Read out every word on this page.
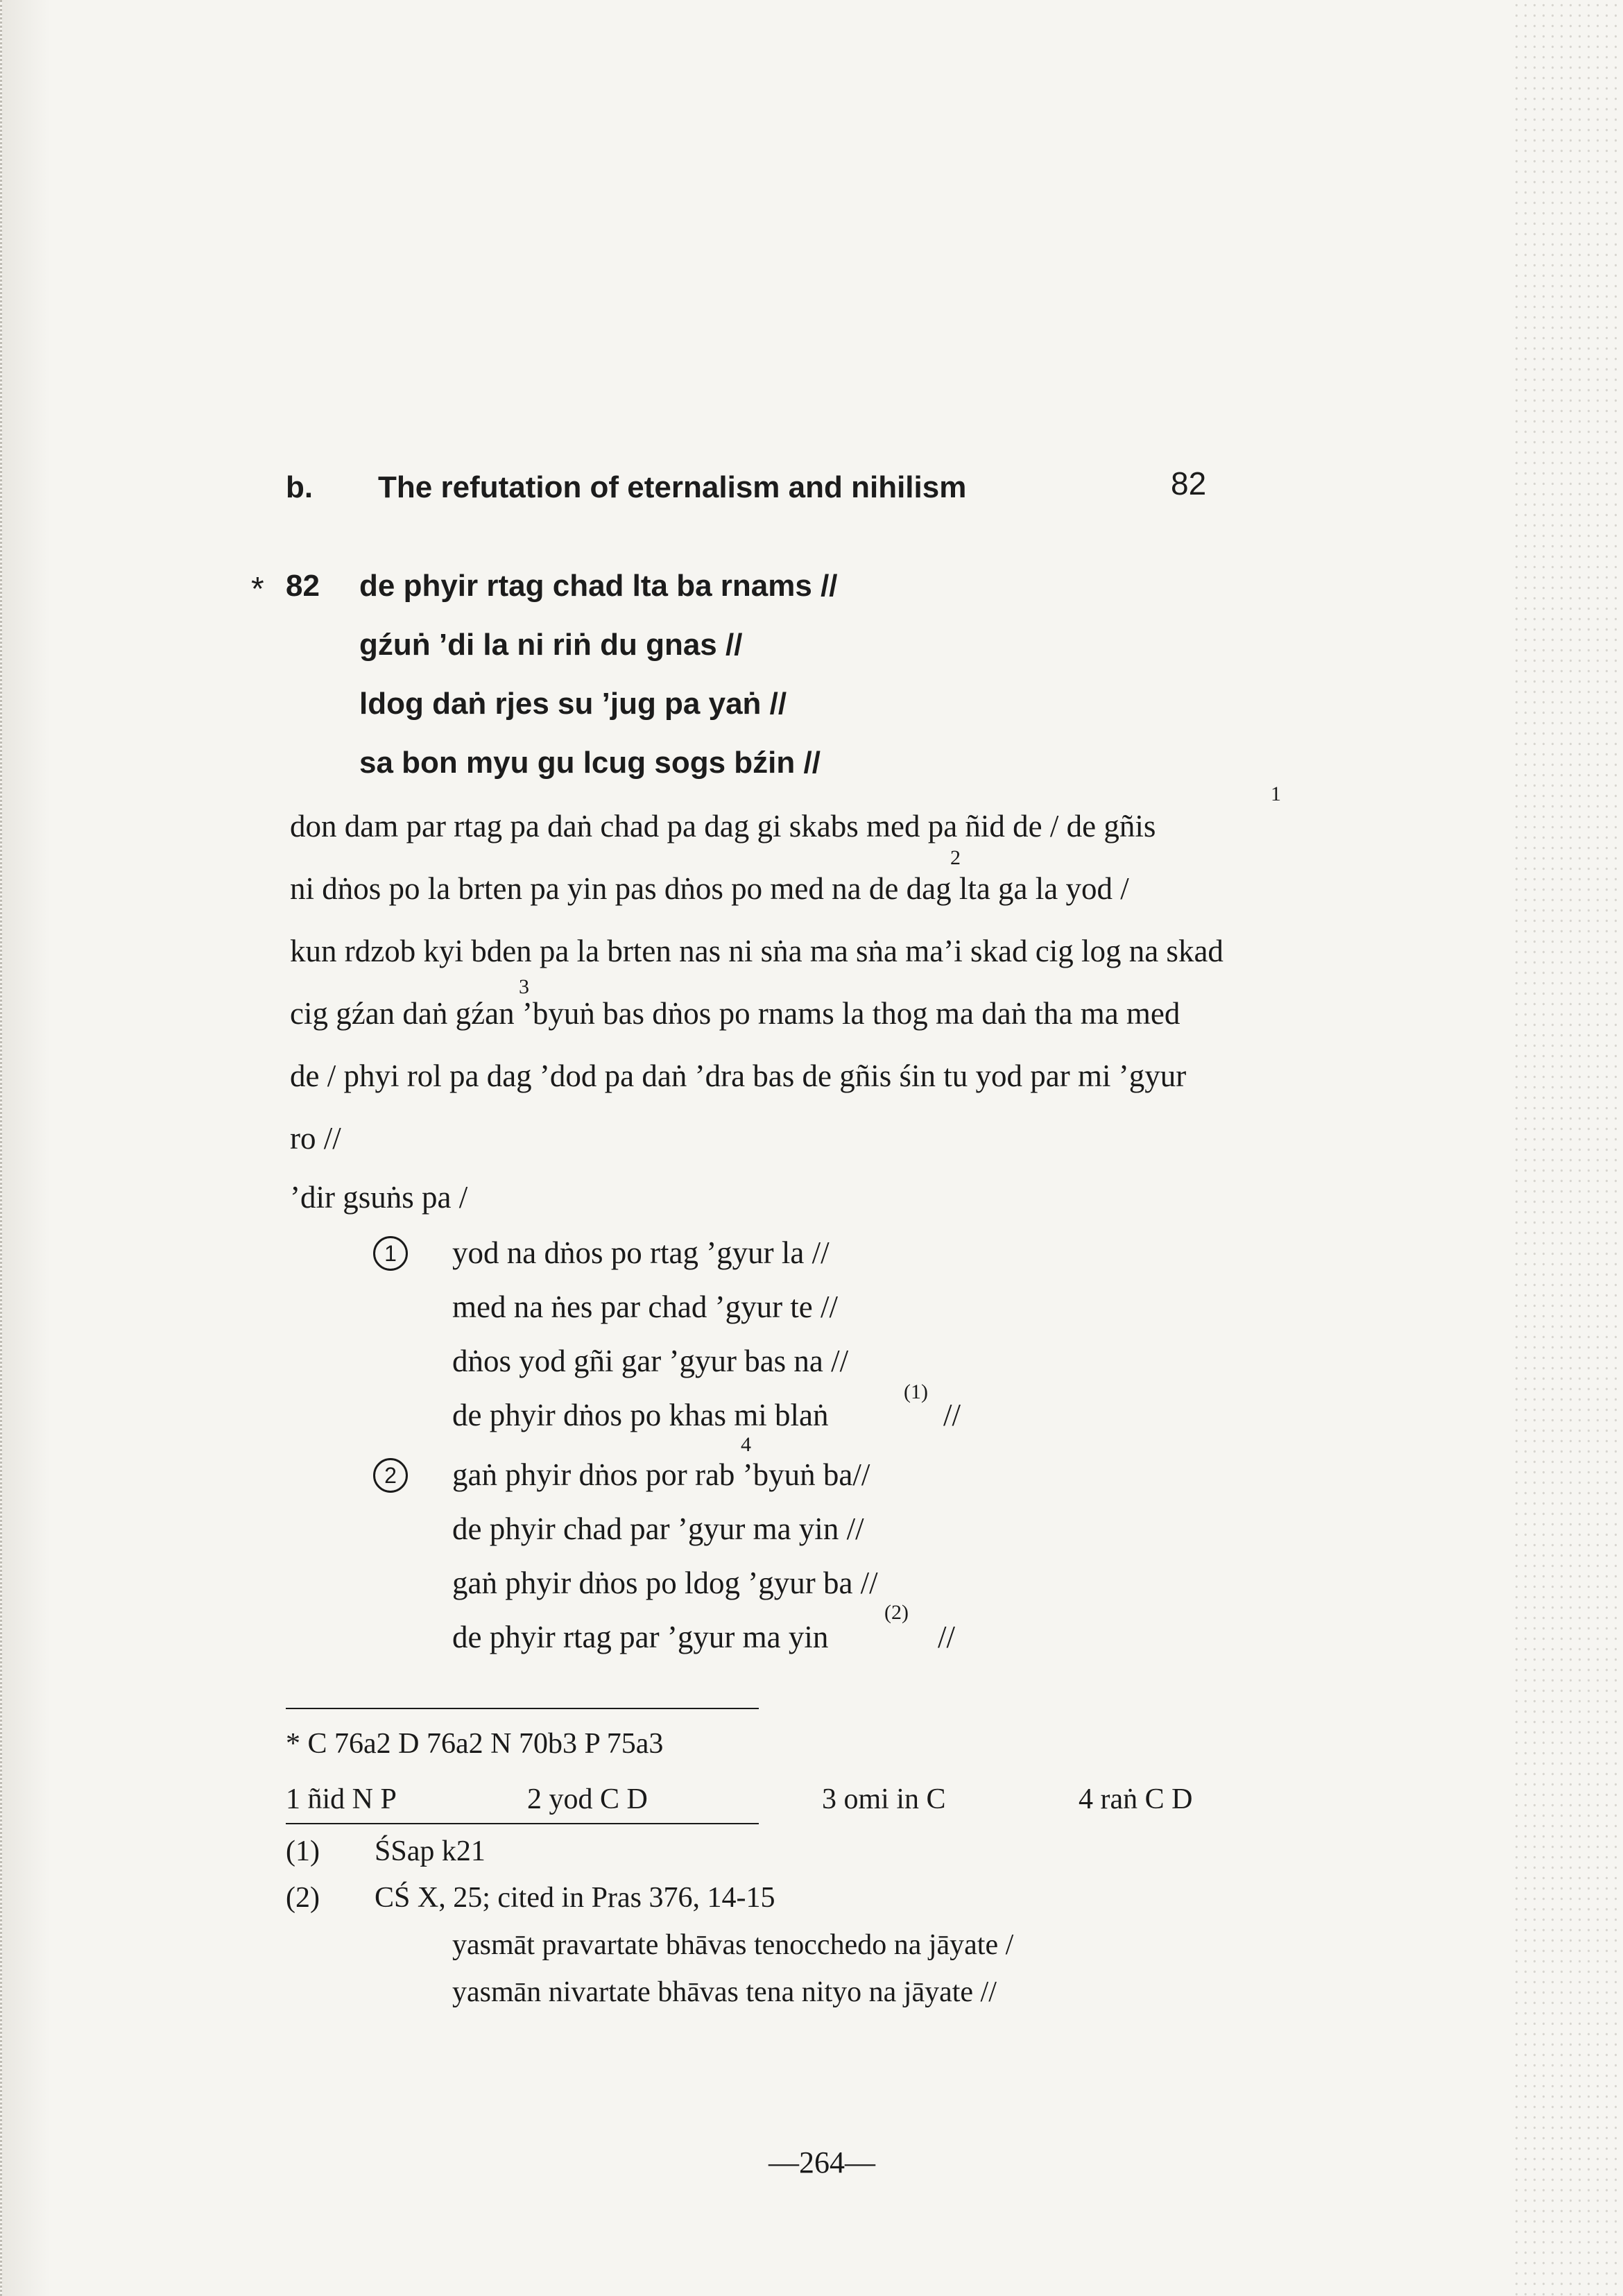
b. The refutation of eternalism and nihilism	82
* 82 de phyir rtag chad lta ba rnams //
gźuṅ ’di la ni riṅ du gnas //
ldog daṅ rjes su ’jug pa yaṅ //
sa bon myu gu lcug sogs bźin //
don dam par rtag pa daṅ chad pa dag gi skabs med pa ñid de / de gñis
ni dṅos po la brten pa yin pas dṅos po med na de dag lta ga la yod /
kun rdzob kyi bden pa la brten nas ni sṅa ma sṅa ma’i skad cig log na skad
cig gźan daṅ gźan ’byuṅ bas dṅos po rnams la thog ma daṅ tha ma med
de / phyi rol pa dag ’dod pa daṅ ’dra bas de gñis śin tu yod par mi ’gyur
ro //
1
2
3
’dir gsuṅs pa /
1	yod na dṅos po rtag ’gyur la //
med na ṅes par chad ’gyur te //
dṅos yod gñi gar ’gyur bas na //
de phyir dṅos po khas mi blaṅ
(1)
//
2
4
gaṅ phyir dṅos por rab ’byuṅ ba//
de phyir chad par ’gyur ma yin //
gaṅ phyir dṅos po ldog ’gyur ba //
de phyir rtag par ’gyur ma yin
(2)
//
* C 76a2 D 76a2 N 70b3 P 75a3
1 ñid N P	2 yod C D	3 omi in C	4 raṅ C D
(1) ŚSap k21
(2) CŚ X, 25; cited in Pras 376, 14-15
yasmāt pravartate bhāvas tenocchedo na jāyate /
yasmān nivartate bhāvas tena nityo na jāyate //
—264—
